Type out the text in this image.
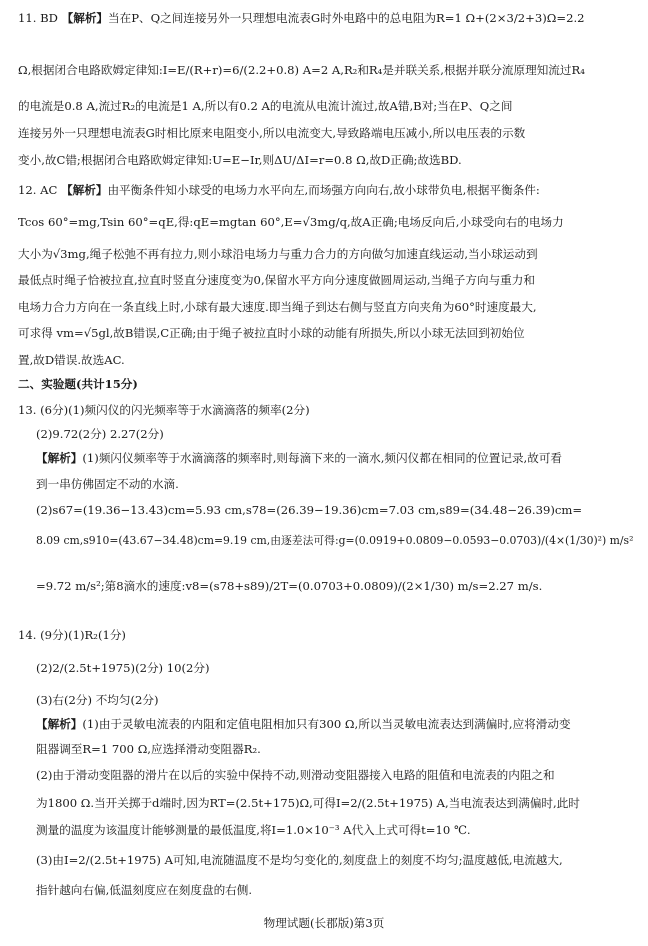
11. BD 【解析】当在P、Q之间连接另外一只理想电流表G时外电路中的总电阻为R=1 Ω+(2×3/2+3)Ω=2.2
Ω,根据闭合电路欧姆定律知:I=E/(R+r)=6/(2.2+0.8) A=2 A,R₂和R₄是并联关系,根据并联分流原理知流过R₄
的电流是0.8 A,流过R₂的电流是1 A,所以有0.2 A的电流从电流计流过,故A错,B对;当在P、Q之间
连接另外一只理想电流表G时相比原来电阻变小,所以电流变大,导致路端电压减小,所以电压表的示数
变小,故C错;根据闭合电路欧姆定律知:U=E−Ir,则ΔU/ΔI=r=0.8 Ω,故D正确;故选BD.
12. AC 【解析】由平衡条件知小球受的电场力水平向左,而场强方向向右,故小球带负电,根据平衡条件:
Tcos 60°=mg,Tsin 60°=qE,得:qE=mgtan 60°,E=√3mg/q,故A正确;电场反向后,小球受向右的电场力
大小为√3mg,绳子松弛不再有拉力,则小球沿电场力与重力合力的方向做匀加速直线运动,当小球运动到
最低点时绳子恰被拉直,拉直时竖直分速度变为0,保留水平方向分速度做圆周运动,当绳子方向与重力和
电场力合力方向在一条直线上时,小球有最大速度.即当绳子到达右侧与竖直方向夹角为60°时速度最大,
可求得 vm=√5gl,故B错误,C正确;由于绳子被拉直时小球的动能有所损失,所以小球无法回到初始位
置,故D错误.故选AC.
二、实验题(共计15分)
13. (6分)(1)频闪仪的闪光频率等于水滴滴落的频率(2分)
(2)9.72(2分) 2.27(2分)
【解析】(1)频闪仪频率等于水滴滴落的频率时,则每滴下来的一滴水,频闪仪都在相同的位置记录,故可看
到一串仿佛固定不动的水滴.
(2)s67=(19.36−13.43)cm=5.93 cm,s78=(26.39−19.36)cm=7.03 cm,s89=(34.48−26.39)cm=
8.09 cm,s910=(43.67−34.48)cm=9.19 cm,由逐差法可得:g=(0.0919+0.0809−0.0593−0.0703)/(4×(1/30)²) m/s²
=9.72 m/s²;第8滴水的速度:v8=(s78+s89)/2T=(0.0703+0.0809)/(2×1/30) m/s=2.27 m/s.
14. (9分)(1)R₂(1分)
(2)2/(2.5t+1975)(2分) 10(2分)
(3)右(2分) 不均匀(2分)
【解析】(1)由于灵敏电流表的内阻和定值电阻相加只有300 Ω,所以当灵敏电流表达到满偏时,应将滑动变
阻器调至R=1 700 Ω,应选择滑动变阻器R₂.
(2)由于滑动变阻器的滑片在以后的实验中保持不动,则滑动变阻器接入电路的阻值和电流表的内阻之和
为1800 Ω.当开关掷于d端时,因为RT=(2.5t+175)Ω,可得I=2/(2.5t+1975) A,当电流表达到满偏时,此时
测量的温度为该温度计能够测量的最低温度,将I=1.0×10⁻³ A代入上式可得t=10 ℃.
(3)由I=2/(2.5t+1975) A可知,电流随温度不是均匀变化的,刻度盘上的刻度不均匀;温度越低,电流越大,
指针越向右偏,低温刻度应在刻度盘的右侧.
物理试题(长郡版)第3页
